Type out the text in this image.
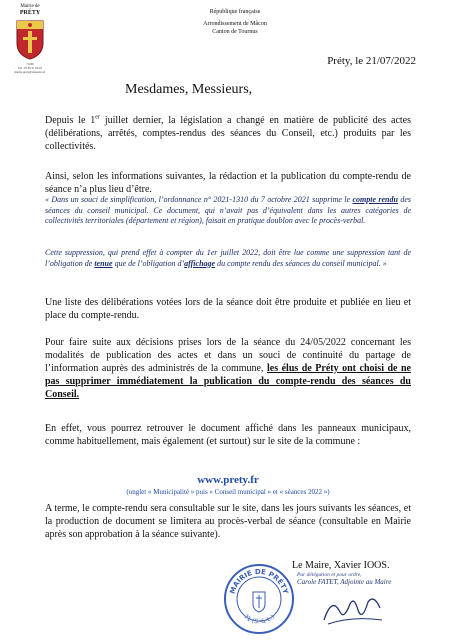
Mairie de
PRÉTY
71290
Tél : 03 85 51 09 67
mairie.prety@wanadoo.fr
République française
Arrondissement de Mâcon
Canton de Tournus
Préty, le 21/07/2022
Mesdames, Messieurs,
Depuis le 1er juillet dernier, la législation a changé en matière de publicité des actes (délibérations, arrêtés, comptes-rendus des séances du Conseil, etc.) produits par les collectivités.
Ainsi, selon les informations suivantes, la rédaction et la publication du compte-rendu de séance n’a plus lieu d’être.
« Dans un souci de simplification, l’ordonnance n° 2021-1310 du 7 octobre 2021 supprime le compte rendu des séances du conseil municipal. Ce document, qui n’avait pas d’équivalent dans les autres catégories de collectivités territoriales (département et région), faisait en pratique doublon avec le procès-verbal.
Cette suppression, qui prend effet à compter du 1er juillet 2022, doit être lue comme une suppression tant de l’obligation de tenue que de l’obligation d’affichage du compte rendu des séances du conseil municipal. »
Une liste des délibérations votées lors de la séance doit être produite et publiée en lieu et place du compte-rendu.
Pour faire suite aux décisions prises lors de la séance du 24/05/2022 concernant les modalités de publication des actes et dans un souci de continuité du partage de l’information auprès des administrés de la commune, les élus de Préty ont choisi de ne pas supprimer immédiatement la publication du compte-rendu des séances du Conseil.
En effet, vous pourrez retrouver le document affiché dans les panneaux municipaux, comme habituellement, mais également (et surtout) sur le site de la commune :
www.prety.fr
(onglet « Municipalité » puis « Conseil municipal » et « séances 2022 »)
A terme, le compte-rendu sera consultable sur le site, dans les jours suivants les séances, et la production de document se limitera au procès-verbal de séance (consultable en Mairie après son approbation à la séance suivante).
MAIRIE DE PRÉTY
71 (S.-&-L.)
Le Maire, Xavier IOOS.
Par délégation et pour ordre,
Carole FATET, Adjointe au Maire
